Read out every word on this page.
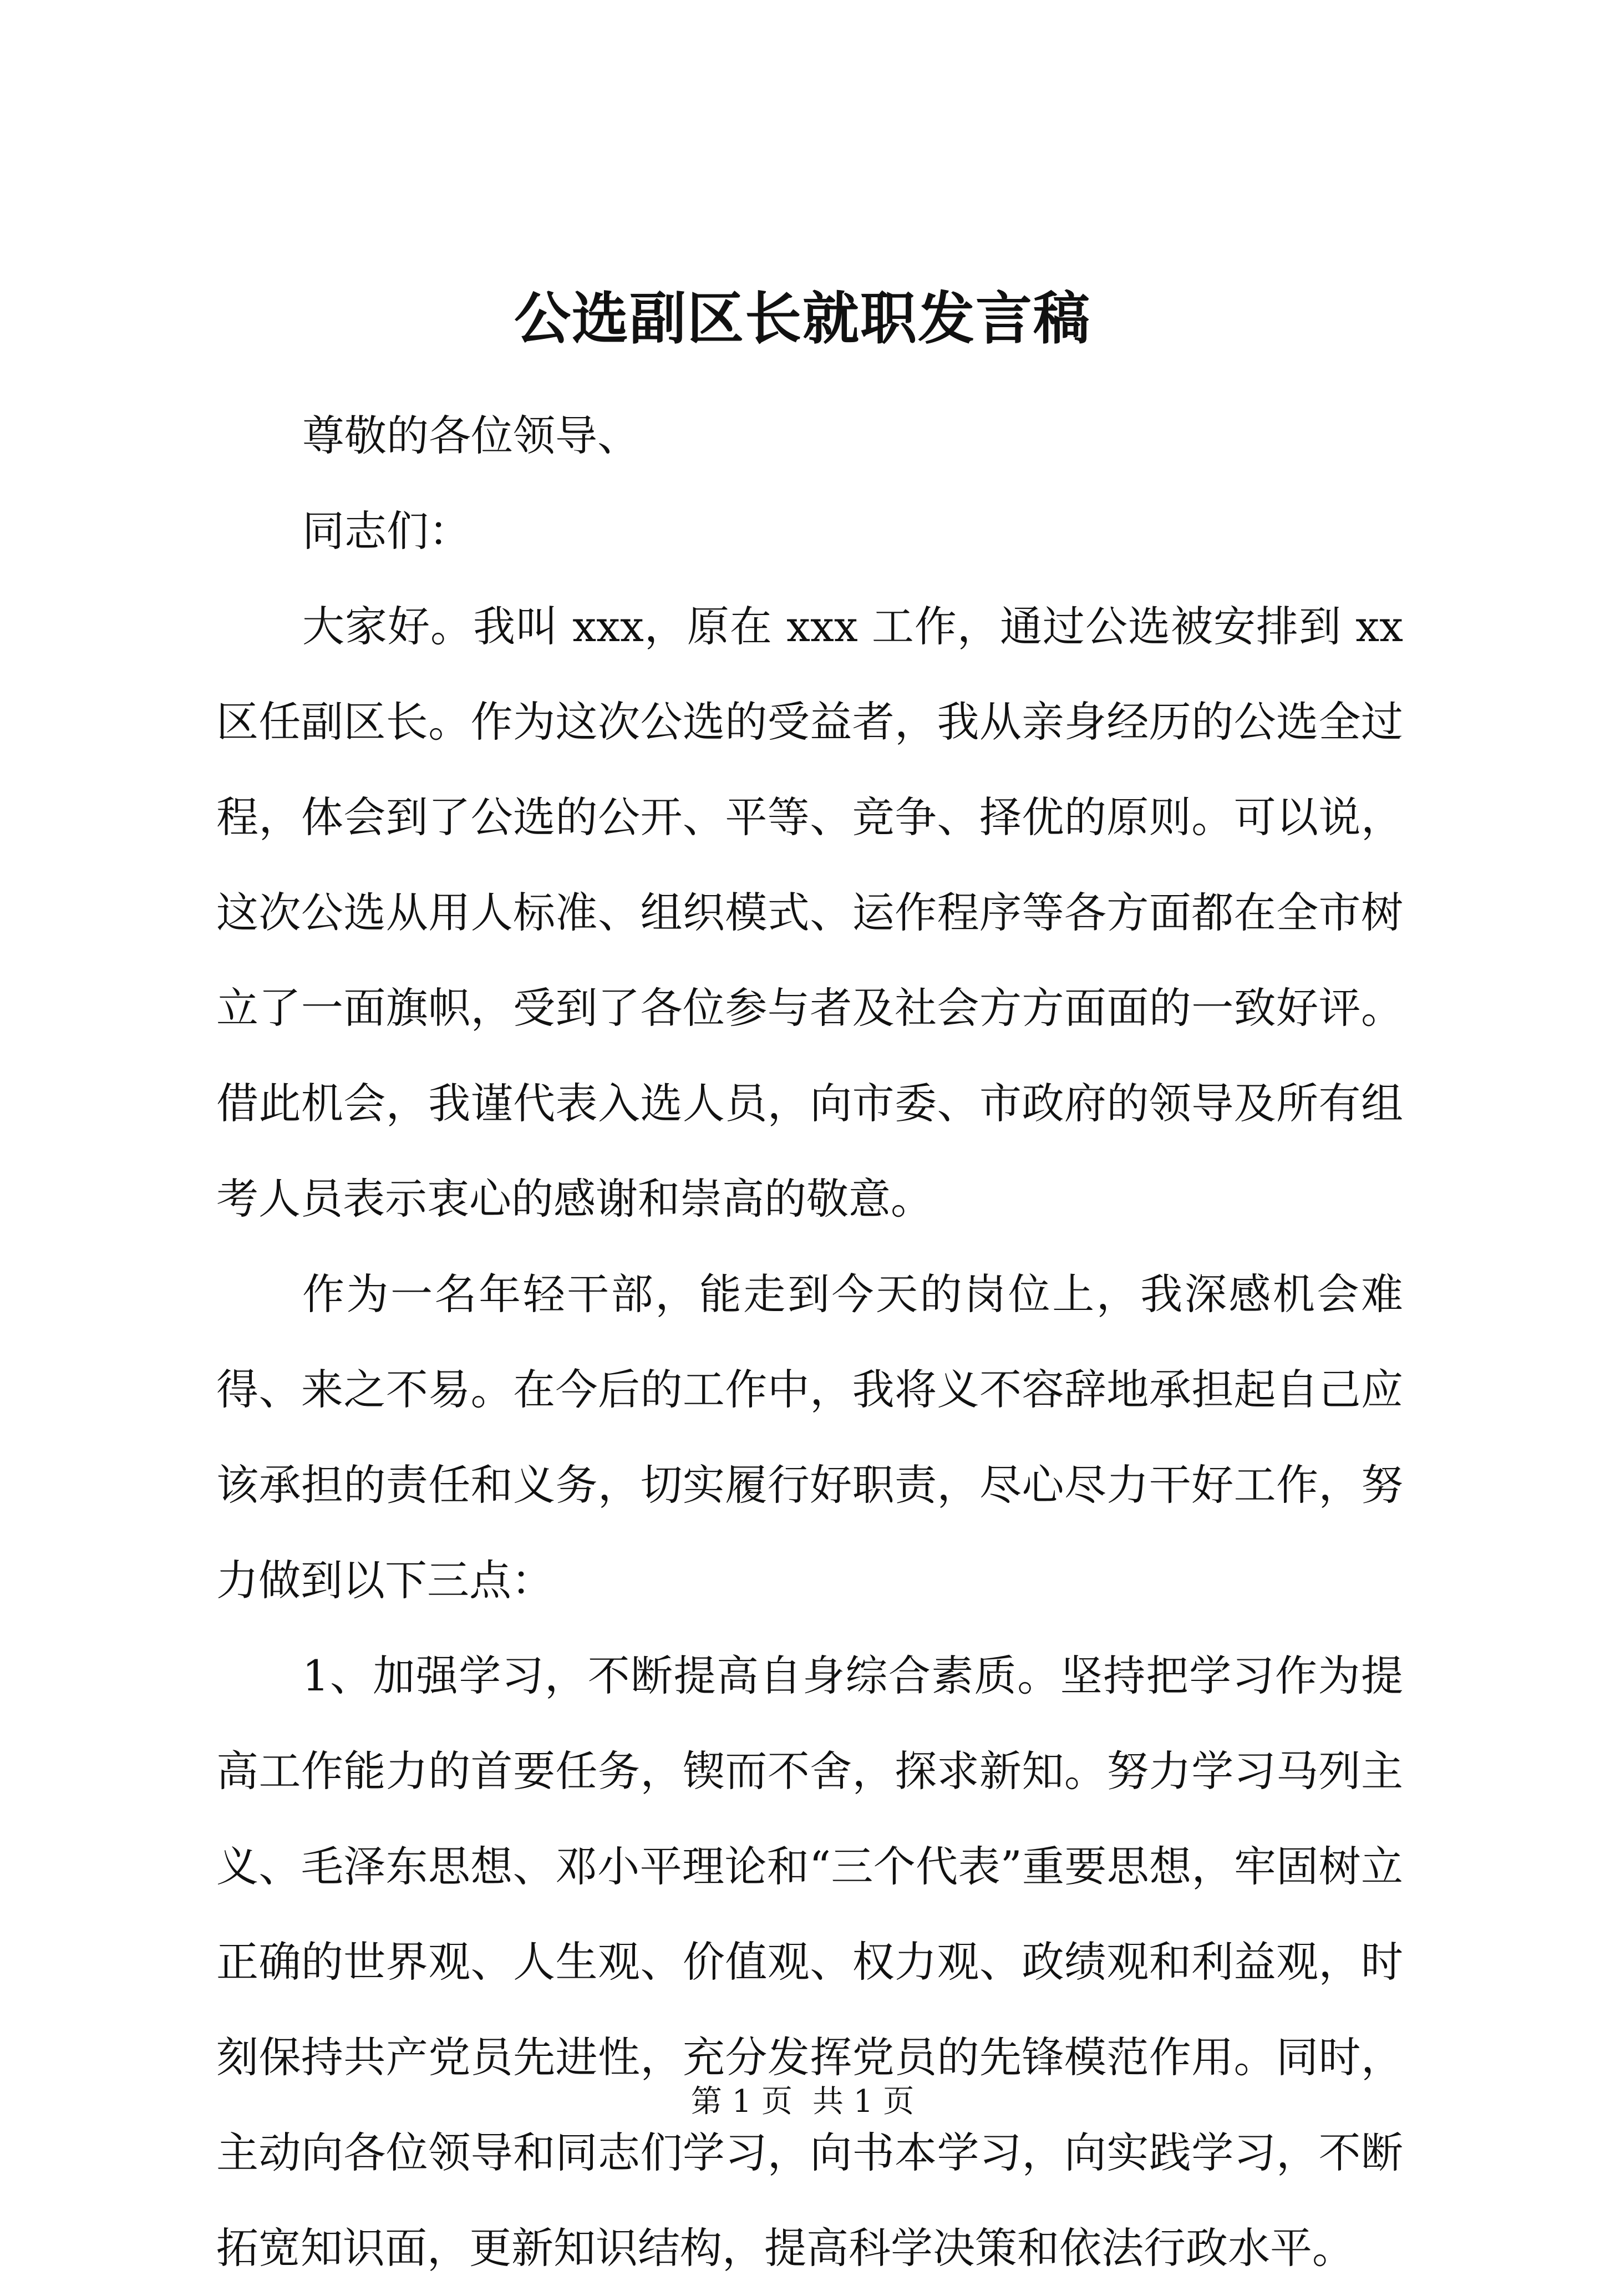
公选副区长就职发言稿

尊敬的各位领导、

同志们：

大家好。我叫 xxx，原在 xxx 工作，通过公选被安排到 xx 区任副区长。作为这次公选的受益者，我从亲身经历的公选全过程，体会到了公选的公开、平等、竞争、择优的原则。可以说，这次公选从用人标准、组织模式、运作程序等各方面都在全市树立了一面旗帜，受到了各位参与者及社会方方面面的一致好评。借此机会，我谨代表入选人员，向市委、市政府的领导及所有组考人员表示衷心的感谢和崇高的敬意。

作为一名年轻干部，能走到今天的岗位上，我深感机会难得、来之不易。在今后的工作中，我将义不容辞地承担起自己应该承担的责任和义务，切实履行好职责，尽心尽力干好工作，努力做到以下三点：

1、加强学习，不断提高自身综合素质。坚持把学习作为提高工作能力的首要任务，锲而不舍，探求新知。努力学习马列主义、毛泽东思想、邓小平理论和“三个代表”重要思想，牢固树立正确的世界观、人生观、价值观、权力观、政绩观和利益观，时刻保持共产党员先进性，充分发挥党员的先锋模范作用。同时，主动向各位领导和同志们学习，向书本学习，向实践学习，不断拓宽知识面，更新知识结构，提高科学决策和依法行政水平。

第 1 页 共 1 页
